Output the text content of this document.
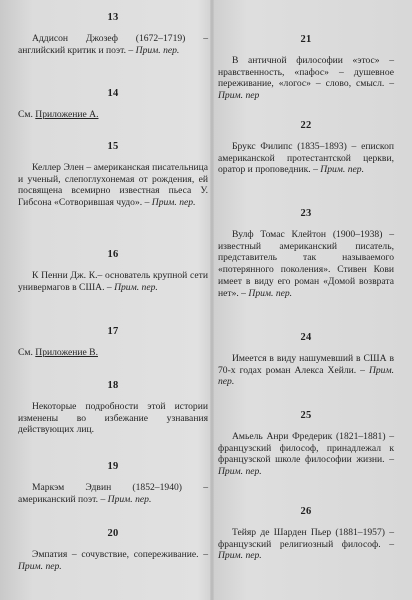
13

Аддисон Джозеф (1672–1719) – английский критик и поэт. – Прим. пер.

14

См. Приложение А.

15

Келлер Элен – американская писательница и ученый, слепоглухонемая от рождения, ей посвящена всемирно известная пьеса У. Гибсона «Сотворившая чудо». – Прим. пер.

16

К Пенни Дж. К.– основатель крупной сети универмагов в США. – Прим. пер.

17

См. Приложение В.

18

Некоторые подробности этой истории изменены во избежание узнавания действующих лиц.

19

Маркэм Эдвин (1852–1940) – американский поэт. – Прим. пер.

20

Эмпатия – сочувствие, сопереживание. – Прим. пер.

21

В античной философии «этос» – нравственность, «пафос» – душевное переживание, «логос» – слово, смысл. – Прим. пер

22

Брукс Филипс (1835–1893) – епископ американской протестантской церкви, оратор и проповедник. – Прим. пер.

23

Вулф Томас Клейтон (1900–1938) – известный американский писатель, представитель так называемого «потерянного поколения». Стивен Кови имеет в виду его роман «Домой возврата нет». – Прим. пер.

24

Имеется в виду нашумевший в США в 70-х годах роман Алекса Хейли. – Прим. пер.

25

Амьель Анри Фредерик (1821–1881) – французский философ, принадлежал к французской школе философии жизни. – Прим. пер.

26

Тейяр де Шарден Пьер (1881–1957) – французский религиозный философ. – Прим. пер.
